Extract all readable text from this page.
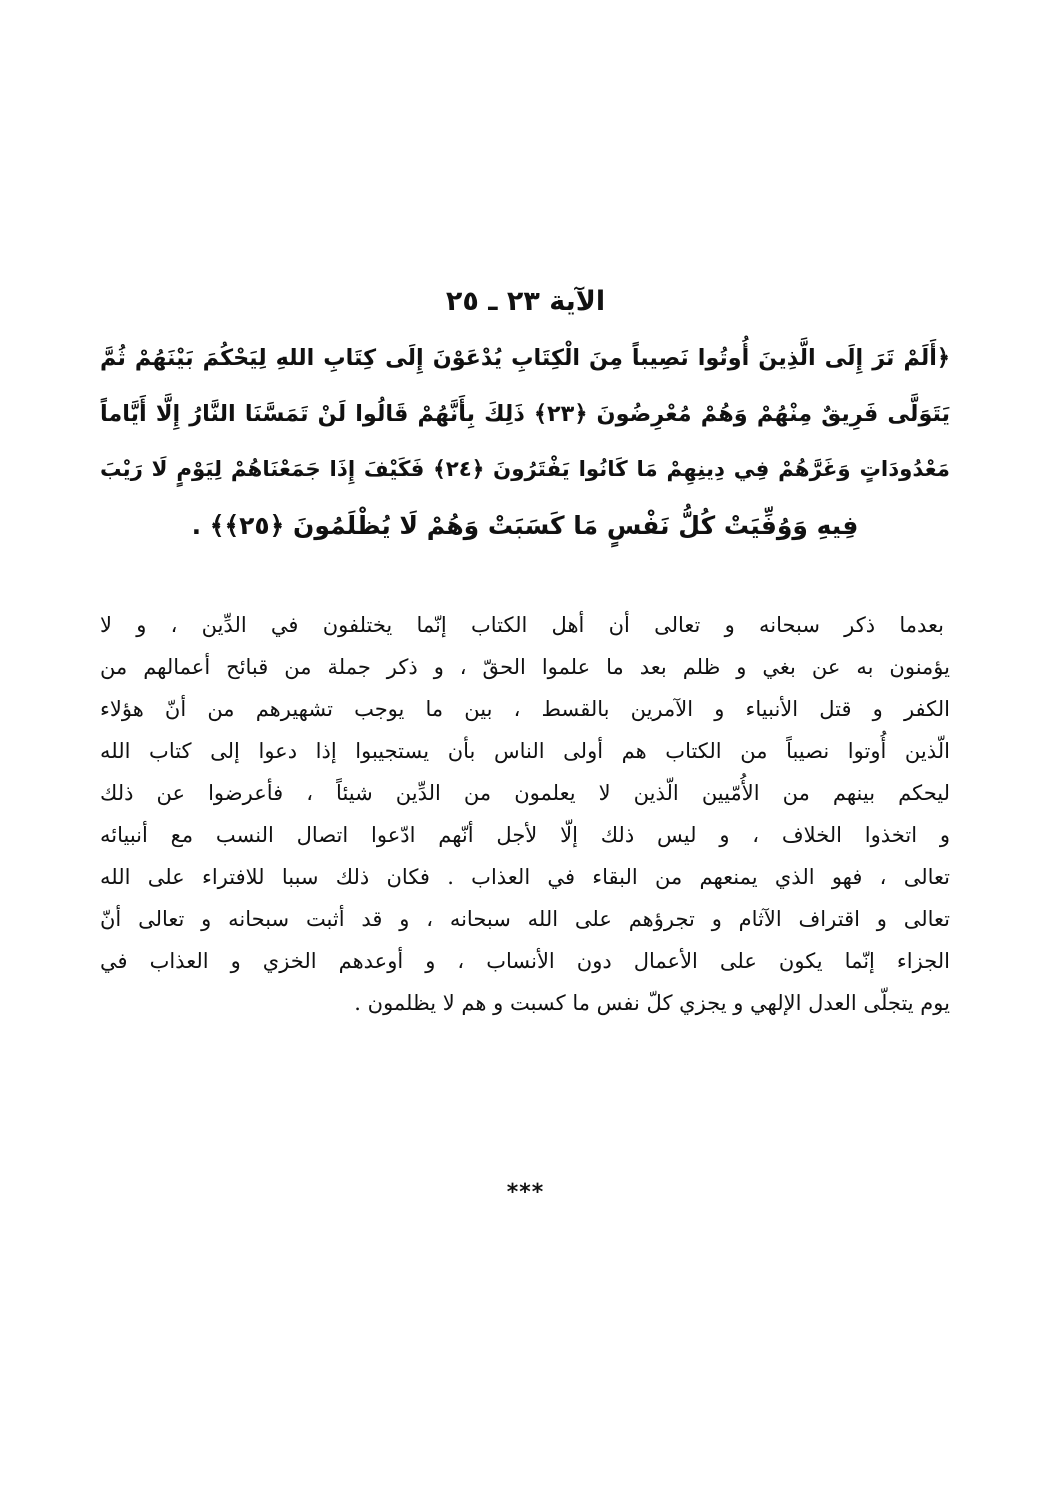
الآية ٢٣ ـ ٢٥
﴿أَلَمْ تَرَ إِلَى الَّذِينَ أُوتُوا نَصِيباً مِنَ الْكِتَابِ يُدْعَوْنَ إِلَى كِتَابِ اللهِ لِيَحْكُمَ بَيْنَهُمْ ثُمَّ
يَتَوَلَّى فَرِيقٌ مِنْهُمْ وَهُمْ مُعْرِضُونَ ﴿٢٣﴾ ذَلِكَ بِأَنَّهُمْ قَالُوا لَنْ تَمَسَّنَا النَّارُ إِلَّا أَيَّاماً
مَعْدُودَاتٍ وَغَرَّهُمْ فِي دِينِهِمْ مَا كَانُوا يَفْتَرُونَ ﴿٢٤﴾ فَكَيْفَ إِذَا جَمَعْنَاهُمْ لِيَوْمٍ لَا رَيْبَ
فِيهِ وَوُفِّيَتْ كُلُّ نَفْسٍ مَا كَسَبَتْ وَهُمْ لَا يُظْلَمُونَ ﴿٢٥﴾﴾ .
بعدما ذكر سبحانه و تعالى أن أهل الكتاب إنّما يختلفون في الدِّين ، و لا
يؤمنون به عن بغي و ظلم بعد ما علموا الحقّ ، و ذكر جملة من قبائح أعمالهم من
الكفر و قتل الأنبياء و الآمرين بالقسط ، بين ما يوجب تشهيرهم من أنّ هؤلاء
الّذين أُوتوا نصيباً من الكتاب هم أولى الناس بأن يستجيبوا إذا دعوا إلى كتاب الله
ليحكم بينهم من الأُمّيين الّذين لا يعلمون من الدِّين شيئاً ، فأعرضوا عن ذلك
و اتخذوا الخلاف ، و ليس ذلك إلّا لأجل أنّهم ادّعوا اتصال النسب مع أنبيائه
تعالى ، فهو الذي يمنعهم من البقاء في العذاب . فكان ذلك سببا للافتراء على الله
تعالى و اقتراف الآثام و تجرؤهم على الله سبحانه ، و قد أثبت سبحانه و تعالى أنّ
الجزاء إنّما يكون على الأعمال دون الأنساب ، و أوعدهم الخزي و العذاب في
يوم يتجلّى العدل الإلهي و يجزي كلّ نفس ما كسبت و هم لا يظلمون .
***
